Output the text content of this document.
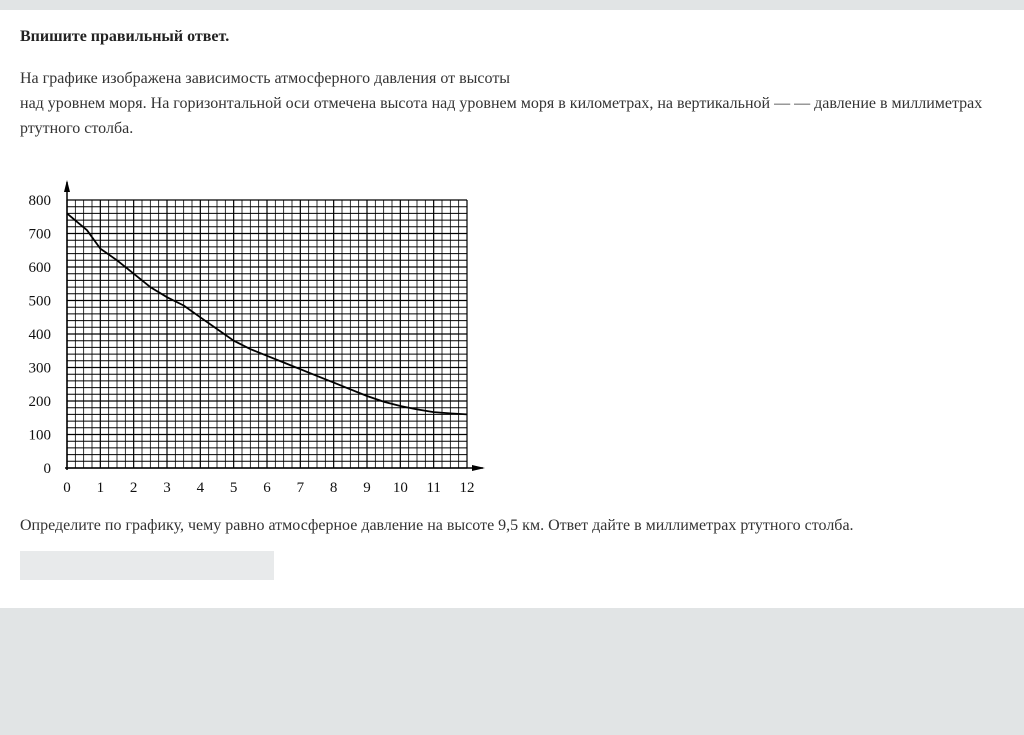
Впишите правильный ответ.
На графике изображена зависимость атмосферного давления от высоты
над уровнем моря. На горизонтальной оси отмечена высота над уровнем моря в километрах, на вертикальной — — давление в миллиметрах ртутного столба.
0
100
200
300
400
500
600
700
800
0 1 2 3 4 5 6 7 8 9 10 11 12
Определите по графику, чему равно атмосферное давление на высоте 9,5 км. Ответ дайте в миллиметрах ртутного столба.
